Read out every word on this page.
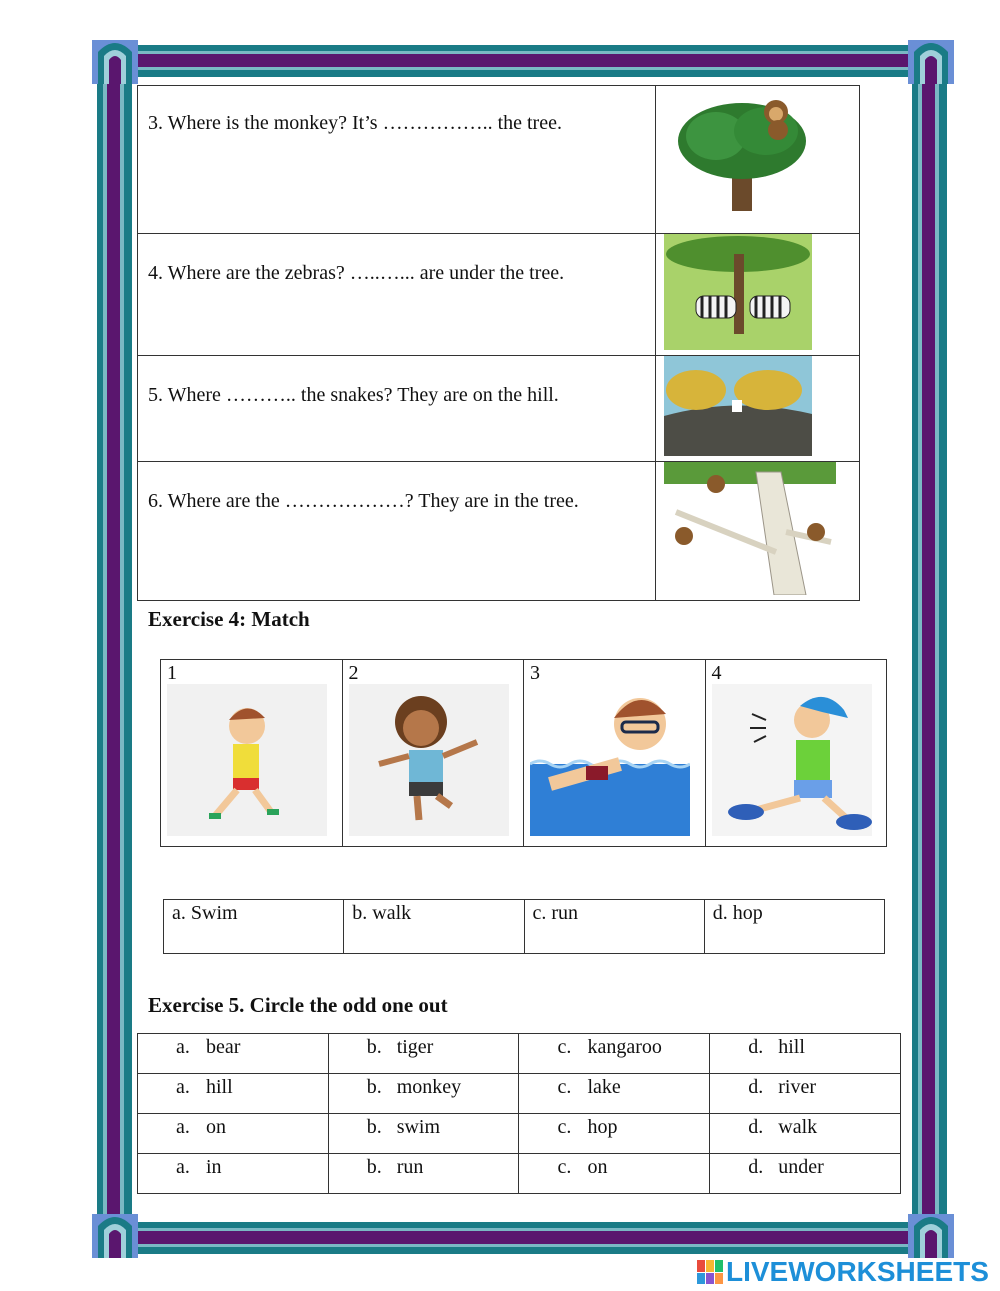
3. Where is the monkey? It’s …………….. the tree.	
4. Where are the zebras? …..…... are under the tree.	
5. Where ……….. the snakes? They are on the hill.	
6. Where are the ………………? They are in the tree.	
Exercise 4: Match
1	2	3	4
a. Swim	b. walk	c. run	d. hop
Exercise 5. Circle the odd one out
a. bear	b. tiger	c. kangaroo	d. hill
a. hill	b. monkey	c. lake	d. river
a. on	b. swim	c. hop	d. walk
a. in	b. run	c. on	d. under
LIVEWORKSHEETS
